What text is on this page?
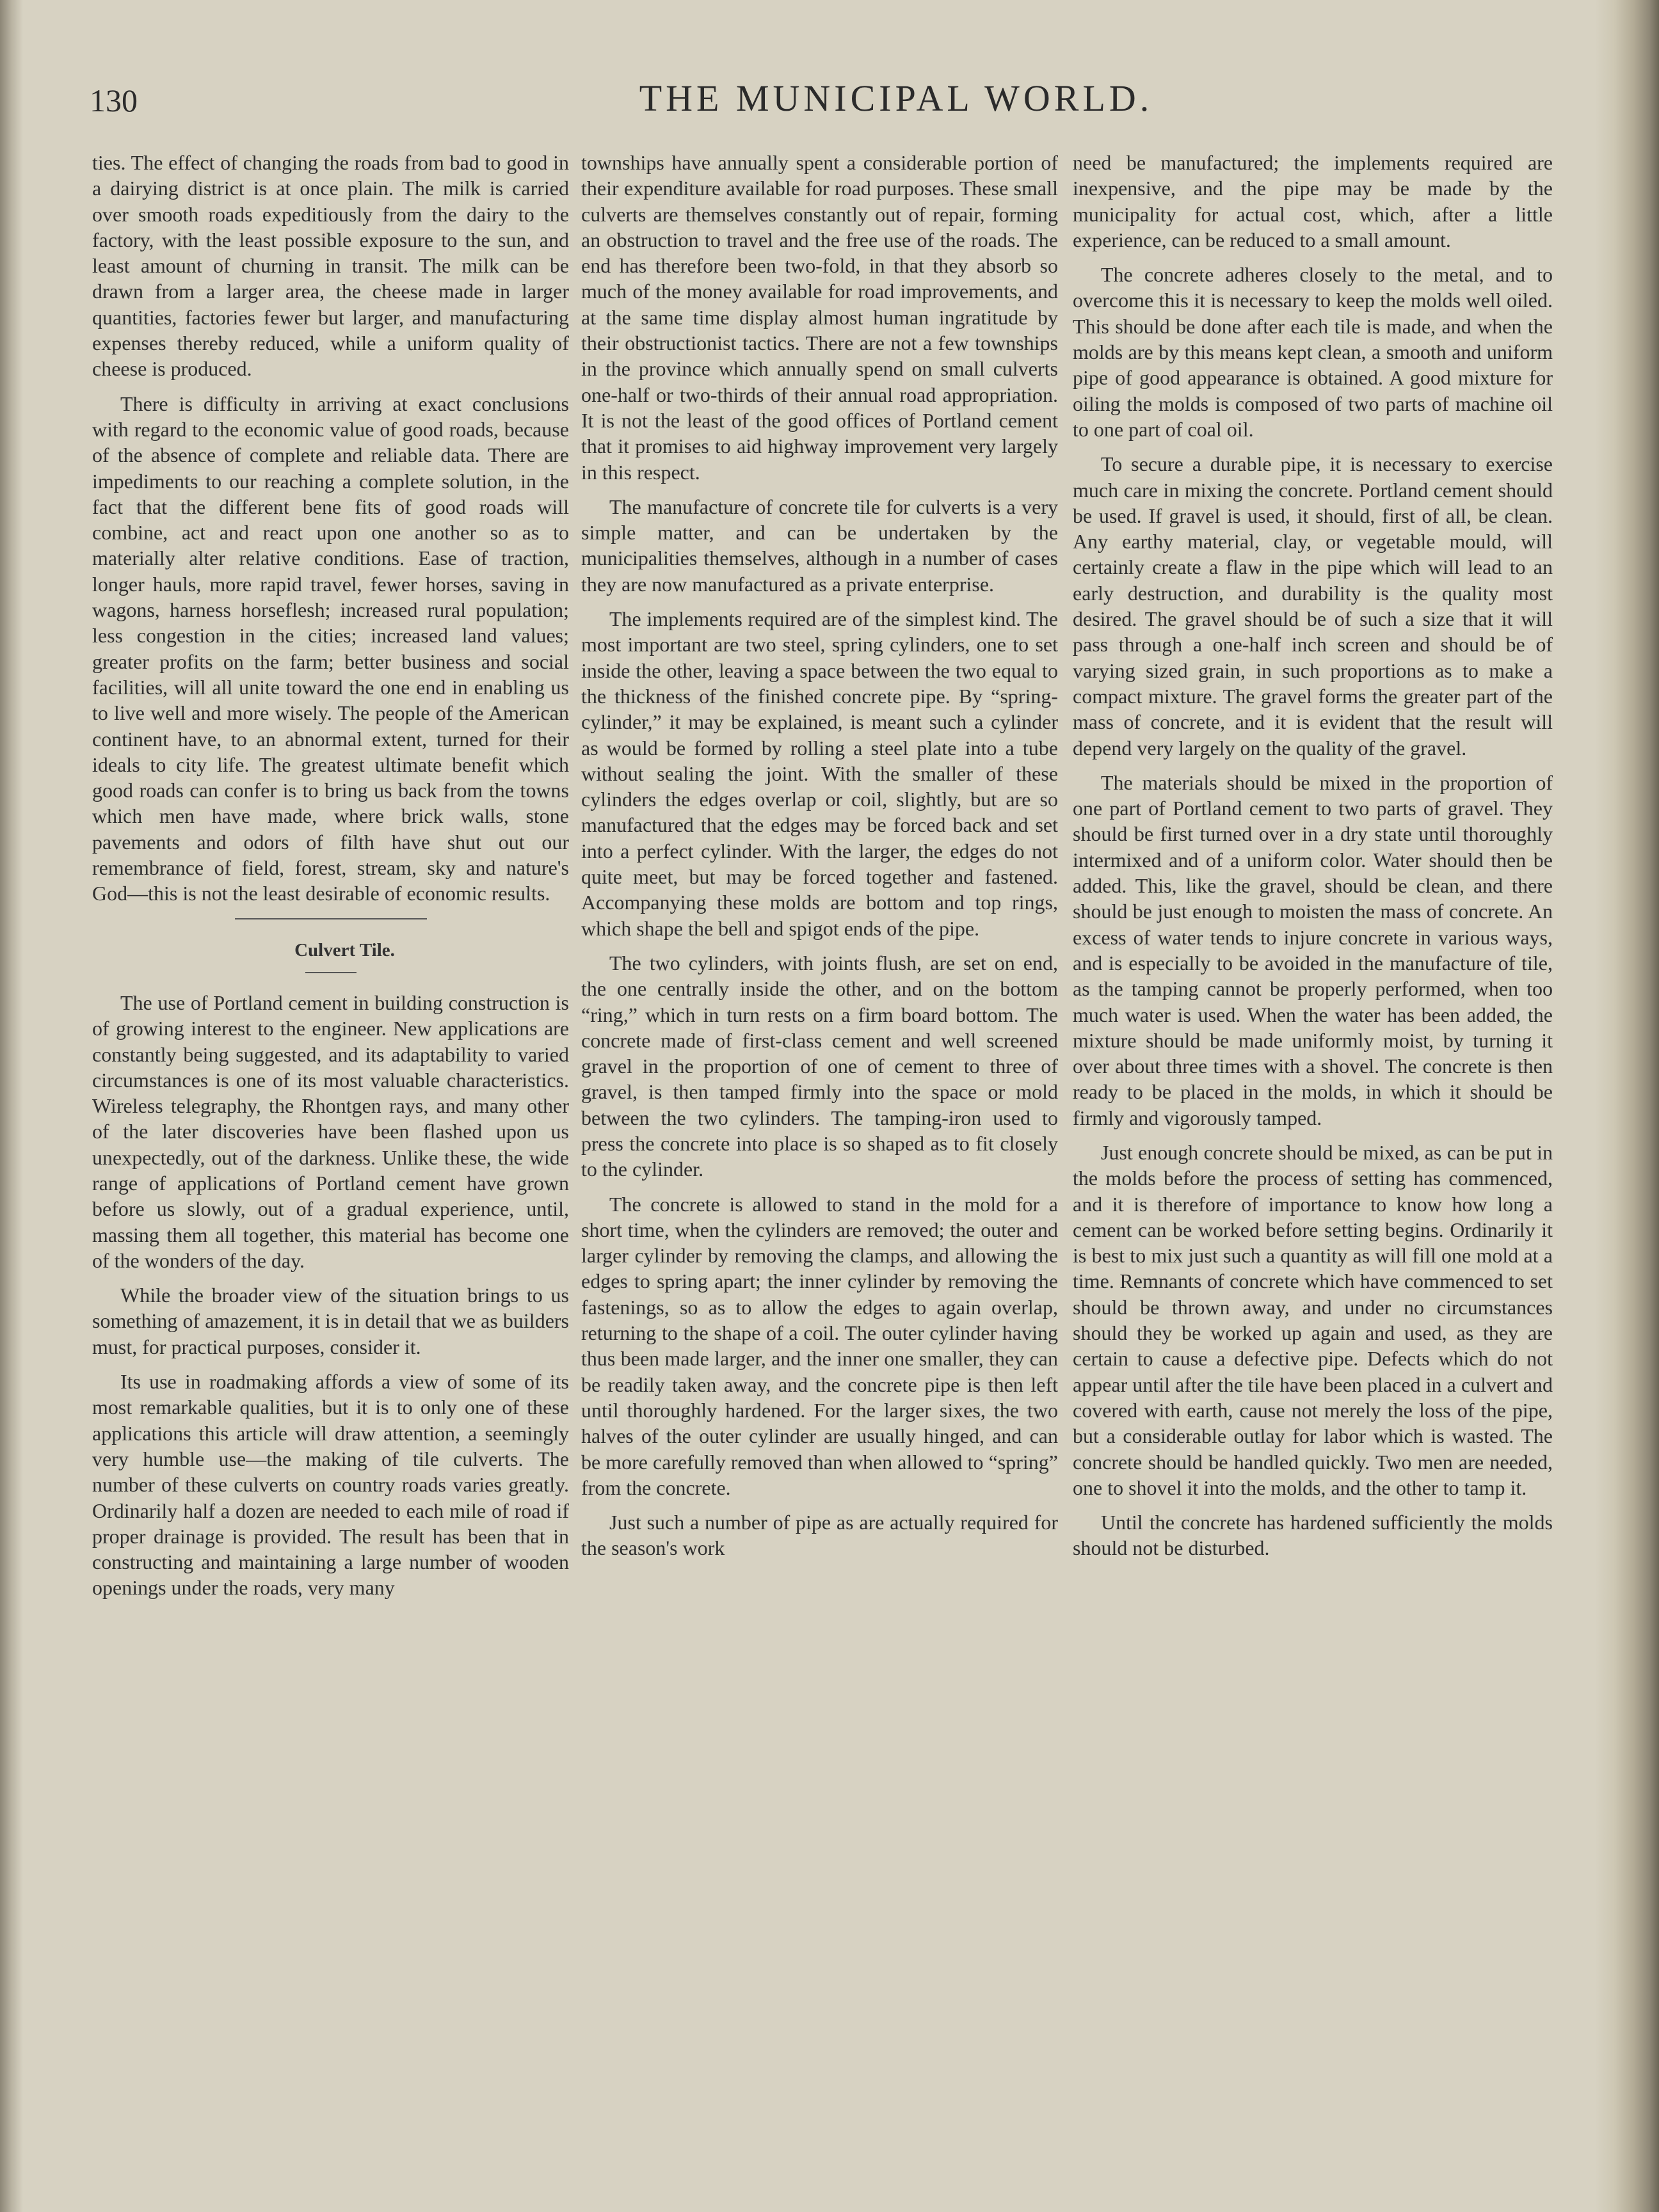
130	THE MUNICIPAL WORLD.

ties. The effect of changing the roads from bad to good in a dairying district is at once plain. The milk is carried over smooth roads expeditiously from the dairy to the factory, with the least possible exposure to the sun, and least amount of churning in transit. The milk can be drawn from a larger area, the cheese made in larger quantities, factories fewer but larger, and manufacturing expenses thereby reduced, while a uniform quality of cheese is produced.

There is difficulty in arriving at exact conclusions with regard to the economic value of good roads, because of the absence of complete and reliable data. There are impediments to our reaching a complete solution, in the fact that the different bene fits of good roads will combine, act and react upon one another so as to materially alter relative conditions. Ease of traction, longer hauls, more rapid travel, fewer horses, saving in wagons, harness horseflesh; increased rural population; less congestion in the cities; increased land values; greater profits on the farm; better business and social facilities, will all unite toward the one end in enabling us to live well and more wisely. The people of the American continent have, to an abnormal extent, turned for their ideals to city life. The greatest ultimate benefit which good roads can confer is to bring us back from the towns which men have made, where brick walls, stone pavements and odors of filth have shut out our remembrance of field, forest, stream, sky and nature's God—this is not the least desirable of economic results.

Culvert Tile.

The use of Portland cement in building construction is of growing interest to the engineer. New applications are constantly being suggested, and its adaptability to varied circumstances is one of its most valuable characteristics. Wireless telegraphy, the Rhontgen rays, and many other of the later discoveries have been flashed upon us unexpectedly, out of the darkness. Unlike these, the wide range of applications of Portland cement have grown before us slowly, out of a gradual experience, until, massing them all together, this material has become one of the wonders of the day.

While the broader view of the situation brings to us something of amazement, it is in detail that we as builders must, for practical purposes, consider it.

Its use in roadmaking affords a view of some of its most remarkable qualities, but it is to only one of these applications this article will draw attention, a seemingly very humble use—the making of tile culverts. The number of these culverts on country roads varies greatly. Ordinarily half a dozen are needed to each mile of road if proper drainage is provided. The result has been that in constructing and maintaining a large number of wooden openings under the roads, very many

townships have annually spent a considerable portion of their expenditure available for road purposes. These small culverts are themselves constantly out of repair, forming an obstruction to travel and the free use of the roads. The end has therefore been two-fold, in that they absorb so much of the money available for road improvements, and at the same time display almost human ingratitude by their obstructionist tactics. There are not a few townships in the province which annually spend on small culverts one-half or two-thirds of their annual road appropriation. It is not the least of the good offices of Portland cement that it promises to aid highway improvement very largely in this respect.

The manufacture of concrete tile for culverts is a very simple matter, and can be undertaken by the municipalities themselves, although in a number of cases they are now manufactured as a private enterprise.

The implements required are of the simplest kind. The most important are two steel, spring cylinders, one to set inside the other, leaving a space between the two equal to the thickness of the finished concrete pipe. By “spring-cylinder,” it may be explained, is meant such a cylinder as would be formed by rolling a steel plate into a tube without sealing the joint. With the smaller of these cylinders the edges overlap or coil, slightly, but are so manufactured that the edges may be forced back and set into a perfect cylinder. With the larger, the edges do not quite meet, but may be forced together and fastened. Accompanying these molds are bottom and top rings, which shape the bell and spigot ends of the pipe.

The two cylinders, with joints flush, are set on end, the one centrally inside the other, and on the bottom “ring,” which in turn rests on a firm board bottom. The concrete made of first-class cement and well screened gravel in the proportion of one of cement to three of gravel, is then tamped firmly into the space or mold between the two cylinders. The tamping-iron used to press the concrete into place is so shaped as to fit closely to the cylinder.

The concrete is allowed to stand in the mold for a short time, when the cylinders are removed; the outer and larger cylinder by removing the clamps, and allowing the edges to spring apart; the inner cylinder by removing the fastenings, so as to allow the edges to again overlap, returning to the shape of a coil. The outer cylinder having thus been made larger, and the inner one smaller, they can be readily taken away, and the concrete pipe is then left until thoroughly hardened. For the larger sixes, the two halves of the outer cylinder are usually hinged, and can be more carefully removed than when allowed to “spring” from the concrete.

Just such a number of pipe as are actually required for the season's work

need be manufactured; the implements required are inexpensive, and the pipe may be made by the municipality for actual cost, which, after a little experience, can be reduced to a small amount.

The concrete adheres closely to the metal, and to overcome this it is necessary to keep the molds well oiled. This should be done after each tile is made, and when the molds are by this means kept clean, a smooth and uniform pipe of good appearance is obtained. A good mixture for oiling the molds is composed of two parts of machine oil to one part of coal oil.

To secure a durable pipe, it is necessary to exercise much care in mixing the concrete. Portland cement should be used. If gravel is used, it should, first of all, be clean. Any earthy material, clay, or vegetable mould, will certainly create a flaw in the pipe which will lead to an early destruction, and durability is the quality most desired. The gravel should be of such a size that it will pass through a one-half inch screen and should be of varying sized grain, in such proportions as to make a compact mixture. The gravel forms the greater part of the mass of concrete, and it is evident that the result will depend very largely on the quality of the gravel.

The materials should be mixed in the proportion of one part of Portland cement to two parts of gravel. They should be first turned over in a dry state until thoroughly intermixed and of a uniform color. Water should then be added. This, like the gravel, should be clean, and there should be just enough to moisten the mass of concrete. An excess of water tends to injure concrete in various ways, and is especially to be avoided in the manufacture of tile, as the tamping cannot be properly performed, when too much water is used. When the water has been added, the mixture should be made uniformly moist, by turning it over about three times with a shovel. The concrete is then ready to be placed in the molds, in which it should be firmly and vigorously tamped.

Just enough concrete should be mixed, as can be put in the molds before the process of setting has commenced, and it is therefore of importance to know how long a cement can be worked before setting begins. Ordinarily it is best to mix just such a quantity as will fill one mold at a time. Remnants of concrete which have commenced to set should be thrown away, and under no circumstances should they be worked up again and used, as they are certain to cause a defective pipe. Defects which do not appear until after the tile have been placed in a culvert and covered with earth, cause not merely the loss of the pipe, but a considerable outlay for labor which is wasted. The concrete should be handled quickly. Two men are needed, one to shovel it into the molds, and the other to tamp it.

Until the concrete has hardened sufficiently the molds should not be disturbed.
